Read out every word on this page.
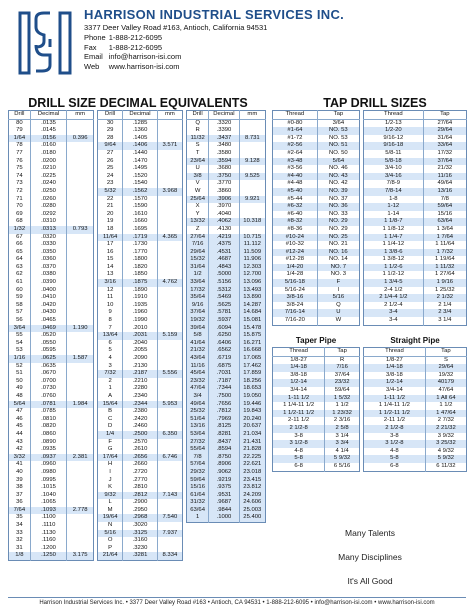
I
HARRISON INDUSTRIAL SERVICES INC.
3377 Deer Valley Road #163, Antioch, California 94531
Phone	1-888-212-6095
Fax	1-888-212-6095
Email	info@harrison-isi.com
Web	www.harrison-isi.com
DRILL SIZE DECIMAL EQUIVALENTS	TAP DRILL SIZES
Drill	Decimal	mm
80	.0135	
79	.0145	
1/64	.0156	0.396
78	.0160	
77	.0180	
76	.0200	
75	.0210	
74	.0225	
73	.0240	
72	.0250	
71	.0260	
70	.0280	
69	.0292	
68	.0310	
1/32	.0313	0.793
67	.0320	
66	.0330	
65	.0350	
64	.0360	
63	.0370	
62	.0380	
61	.0390	
60	.0400	
59	.0410	
58	.0420	
57	.0430	
56	.0465	
3/64	.0469	1.190
55	.0520	
54	.0550	
53	.0595	
1/16	.0625	1.587
52	.0635	
51	.0670	
50	.0700	
49	.0730	
48	.0760	
5/64	.0781	1.984
47	.0785	
46	.0810	
45	.0820	
44	.0860	
43	.0890	
42	.0935	
3/32	.0937	2.381
41	.0960	
40	.0980	
39	.0995	
38	.1015	
37	.1040	
36	.1065	
7/64	.1093	2.778
35	.1100	
34	.1110	
33	.1130	
32	.1160	
31	.1200	
1/8	.1250	3.175
Drill	Decimal	mm
30	.1285	
29	.1360	
28	.1405	
9/64	.1406	3.571
27	.1440	
26	.1470	
25	.1495	
24	.1520	
23	.1540	
5/32	.1562	3.968
22	.1570	
21	.1590	
20	.1610	
19	.1660	
18	.1695	
11/64	.1719	4.365
17	.1730	
16	.1770	
15	.1800	
14	.1820	
13	.1850	
3/16	.1875	4.762
12	.1890	
11	.1910	
10	.1935	
9	.1960	
8	.1990	
7	.2010	
13/64	.2031	5.159
6	.2040	
5	.2055	
4	.2090	
3	.2130	
7/32	.2187	5.556
2	.2210	
1	.2280	
A	.2340	
15/64	.2344	5.953
B	.2380	
C	.2420	
D	.2460	
1/4	.2500	6.350
F	.2570	
G	.2610	
17/64	.2656	6.746
H	.2660	
I	.2720	
J	.2770	
K	.2810	
9/32	.2812	7.143
L	.2900	
M	.2950	
19/64	.2968	7.540
N	.3020	
5/16	.3125	7.937
O	.3160	
P	.3230	
21/64	.3281	8.334
Drill	Decimal	mm
Q	.3320	
R	.3390	
11/32	.3437	8.731
S	.3480	
T	.3580	
23/64	.3594	9.128
U	.3680	
3/8	.3750	9.525
V	.3770	
W	.3860	
25/64	.3906	9.921
X	.3970	
Y	.4040	
13/32	.4062	10.318
Z	.4130	
27/64	.4219	10.715
7/16	.4375	11.112
29/64	.4531	11.509
15/32	.4687	11.906
31/64	.4843	12.303
1/2	.5000	12.700
33/64	.5156	13.096
17/32	.5312	13.493
35/64	.5469	13.890
9/16	.5625	14.287
37/64	.5781	14.684
19/32	.5937	15.081
39/64	.6094	15.478
5/8	.6250	15.875
41/64	.6406	16.271
21/32	.6562	16.668
43/64	.6719	17.065
11/16	.6875	17.462
45/64	.7031	17.859
23/32	.7187	18.256
47/64	.7344	18.653
3/4	.7500	19.050
49/64	.7656	19.446
25/32	.7812	19.843
51/64	.7969	20.240
13/16	.8125	20.637
53/64	.8281	21.034
27/32	.8437	21.431
55/64	.8594	21.828
7/8	.8750	22.225
57/64	.8906	22.621
29/32	.9062	23.018
59/64	.9219	23.415
15/16	.9375	23.812
61/64	.9531	24.209
31/32	.9687	24.606
63/64	.9844	25.003
1	.1000	25.400
Thread	Tap
#0-80	3/64
#1-64	NO. 53
#1-72	NO. 53
#2-56	NO. 51
#2-64	NO. 50
#3-48	5/64
#3-56	NO. 46
#4-40	NO. 43
#4-48	NO. 42
#5-40	NO. 39
#5-44	NO. 37
#6-32	NO. 36
#6-40	NO. 33
#8-32	NO. 29
#8-36	NO. 29
#10-24	NO. 25
#10-32	NO. 21
#12-24	NO. 16
#12-28	NO. 14
1/4-20	NO. 7
1/4-28	NO. 3
5/16-18	F
5/16-24	I
3/8-16	5/16
3/8-24	Q
7/16-14	U
7/16-20	W
Thread	Tap
1/2-13	27/64
1/2-20	29/64
9/16-12	31/64
9/16-18	33/64
5/8-11	17/32
5/8-18	37/64
3/4-10	21/32
3/4-16	11/16
7/8-9	49/64
7/8-14	13/16
1-8	7/8
1-12	59/64
1-14	15/16
1 1/8-7	63/64
1 1/8-12	1 3/64
1 1/4-7	1 7/64
1 1/4-12	1 11/64
1 3/8-6	1 7/32
1 3/8-12	1 19/64
1 1/2-6	1 11/32
1 1/2-12	1 27/64
1 3/4-5	1 9/16
2-4 1/2	1 25/32
2 1/4-4 1/2	2 1/32
2 1/2-4	2 1/4
3-4	2 3/4
3-4	3 1/4
Taper Pipe	Straight Pipe
Thread	Tap
1/8-27	R
1/4-18	7/16
3/8-18	37/64
1/2-14	23/32
3/4-14	59/64
1-11 1/2	1 5/32
1 1/4-11 1/2	1 1/2
1 1/2-11 1/2	1 23/32
2-11 1/2	2 3/16
2 1/2-8	2 5/8
3-8	3 1/4
3 1/2-8	3 3/4
4-8	4 1/4
5-8	5 9/32
6-8	6 5/16
Thread	Tap
1/8-27	S
1/4-18	29/64
3/8-18	19/32
1/2-14	40179
3/4-14	47/64
1-11 1/2	1 All 64
1 1/4-11 1/2	1 1/2
1 1/2-11 1/2	1 47/64
2-11 1/2	2 7/32
2 1/2-8	2 21/32
3-8	3 9/32
3 1/2-8	3 25/32
4-8	4 9/32
5-8	5 9/32
6-8	6 11/32
Many Talents
Many Disciplines
It's All Good
Harrison Industrial Services Inc. • 3377 Deer Valley Road #163 • Antioch, CA 94531 • 1-888-212-6095 • info@harrison-isi.com • www.harrison-isi.com
